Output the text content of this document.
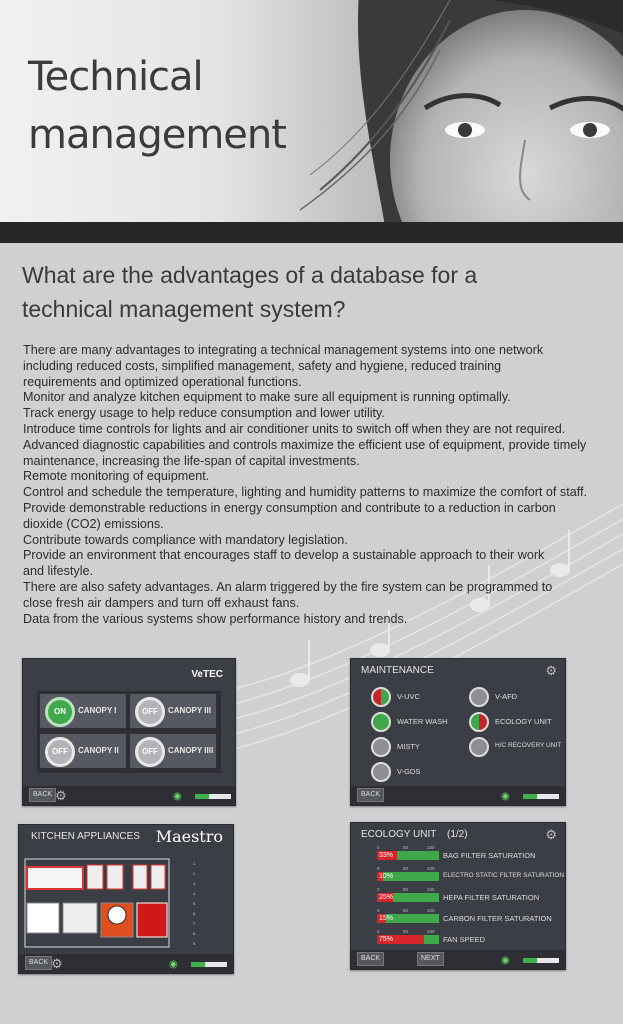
Technical
management
What are the advantages of a database for a
technical management system?
There are many advantages to integrating a technical management systems into one network
including reduced costs, simplified management, safety and hygiene, reduced training
requirements and optimized operational functions.
Monitor and analyze kitchen equipment to make sure all equipment is running optimally.
Track energy usage to help reduce consumption and lower utility.
Introduce time controls for lights and air conditioner units to switch off when they are not required.
Advanced diagnostic capabilities and controls maximize the efficient use of equipment, provide timely
maintenance, increasing the life-span of capital investments.
Remote monitoring of equipment.
Control and schedule the temperature, lighting and humidity patterns to maximize the comfort of staff.
Provide demonstrable reductions in energy consumption and contribute to a reduction in carbon
dioxide (CO2) emissions.
Contribute towards compliance with mandatory legislation.
Provide an environment that encourages staff to develop a sustainable approach to their work
and lifestyle.
There are also safety advantages. An alarm triggered by the fire system can be programmed to
close fresh air dampers and turn off exhaust fans.
Data from the various systems show performance history and trends.
VeTEC
ON	CANOPY I	OFF	CANOPY III
OFF	CANOPY II	OFF	CANOPY IIII
BACK ⚙	◉
MAINTENANCE	⚙
V-UVC	V-AFD
WATER WASH	ECOLOGY UNIT
MISTY	H/C RECOVERY UNIT
V-GDS
BACK	◉
KITCHEN APPLIANCES Maestro
1.
2.
3.
4.
5.
6.
7.
8.
9.
BACK ⚙	◉
ECOLOGY UNIT (1/2)	⚙
0	50	100
33%	BAG FILTER SATURATION
0	50	100
10%	ELECTRO STATIC FILTER SATURATION
0	50	100
25%	HEPA FILTER SATURATION
0	50	100
15%	CARBON FILTER SATURATION
0	50	100
75%	FAN SPEED
BACK	NEXT	◉
